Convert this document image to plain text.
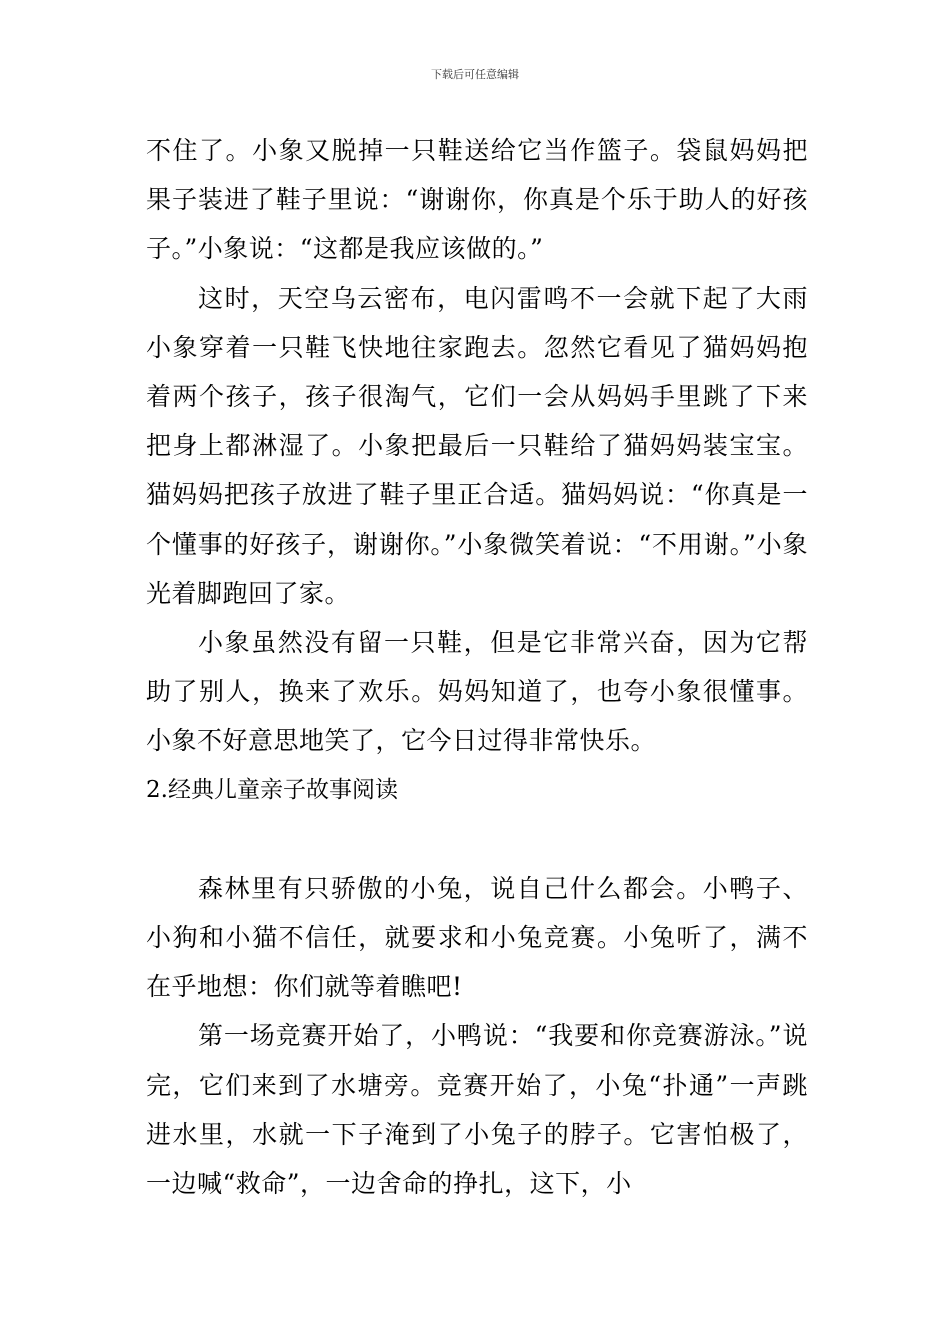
下载后可任意编辑

不住了。小象又脱掉一只鞋送给它当作篮子。袋鼠妈妈把果子装进了鞋子里说：“谢谢你，你真是个乐于助人的好孩子。”小象说：“这都是我应该做的。”

这时，天空乌云密布，电闪雷鸣不一会就下起了大雨小象穿着一只鞋飞快地往家跑去。忽然它看见了猫妈妈抱着两个孩子，孩子很淘气，它们一会从妈妈手里跳了下来把身上都淋湿了。小象把最后一只鞋给了猫妈妈装宝宝。猫妈妈把孩子放进了鞋子里正合适。猫妈妈说：“你真是一个懂事的好孩子，谢谢你。”小象微笑着说：“不用谢。”小象光着脚跑回了家。

小象虽然没有留一只鞋，但是它非常兴奋，因为它帮助了别人，换来了欢乐。妈妈知道了，也夸小象很懂事。小象不好意思地笑了，它今日过得非常快乐。

2.经典儿童亲子故事阅读

森林里有只骄傲的小兔，说自己什么都会。小鸭子、小狗和小猫不信任，就要求和小兔竞赛。小兔听了，满不在乎地想：你们就等着瞧吧!

第一场竞赛开始了，小鸭说：“我要和你竞赛游泳。”说完，它们来到了水塘旁。竞赛开始了，小兔“扑通”一声跳进水里，水就一下子淹到了小兔子的脖子。它害怕极了，一边喊“救命”，一边舍命的挣扎，这下，小
